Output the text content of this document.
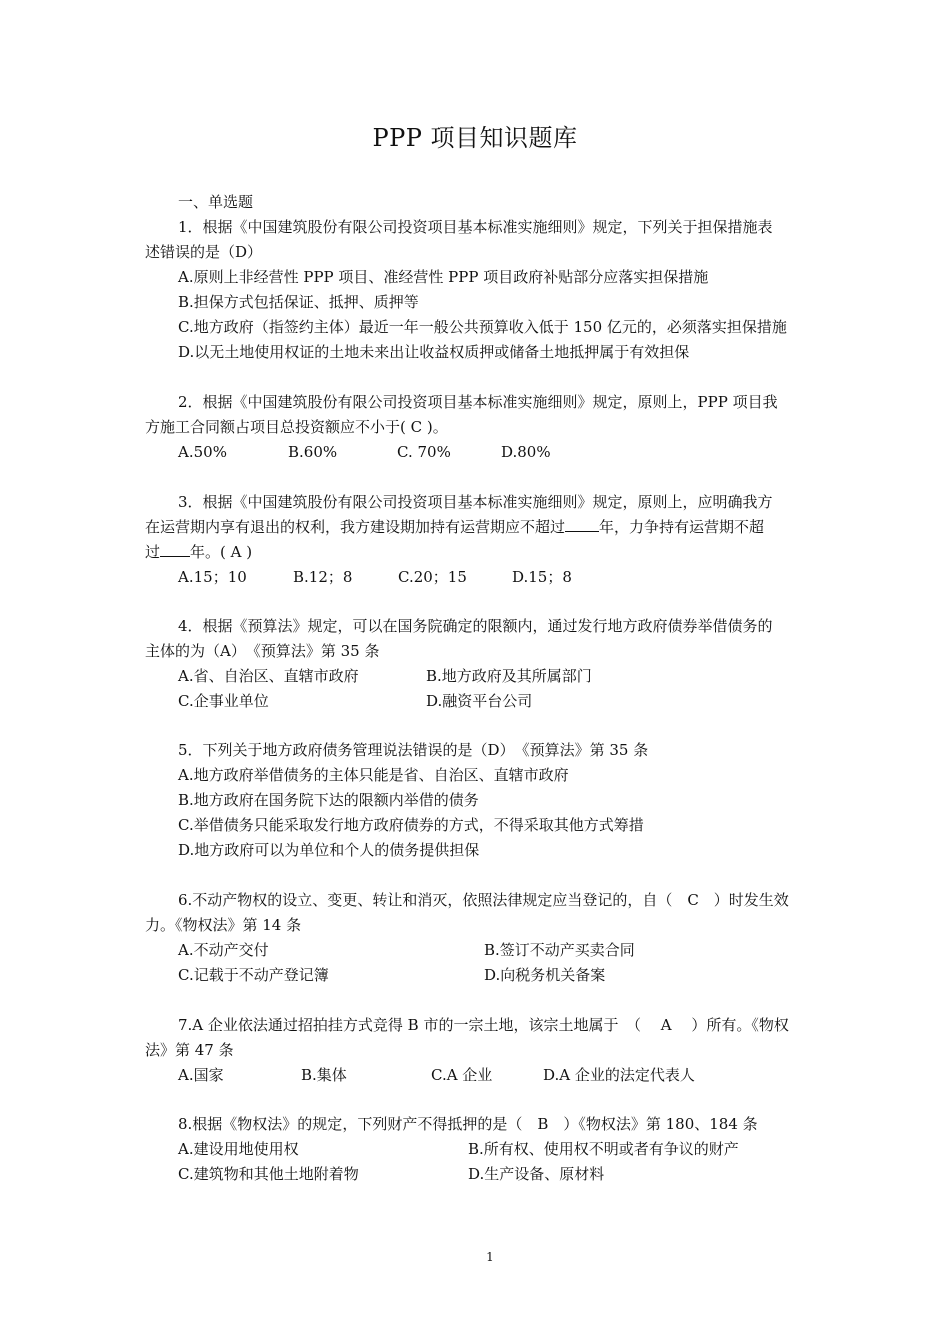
PPP 项目知识题库
一、单选题
1．根据《中国建筑股份有限公司投资项目基本标准实施细则》规定，下列关于担保措施表
述错误的是（D）
A.原则上非经营性 PPP 项目、准经营性 PPP 项目政府补贴部分应落实担保措施
B.担保方式包括保证、抵押、质押等
C.地方政府（指签约主体）最近一年一般公共预算收入低于 150 亿元的，必须落实担保措施
D.以无土地使用权证的土地未来出让收益权质押或储备土地抵押属于有效担保
2．根据《中国建筑股份有限公司投资项目基本标准实施细则》规定，原则上，PPP 项目我
方施工合同额占项目总投资额应不小于( C )。
A.50%	B.60%	C. 70%	D.80%
3．根据《中国建筑股份有限公司投资项目基本标准实施细则》规定，原则上，应明确我方
在运营期内享有退出的权利，我方建设期加持有运营期应不超过 年，力争持有运营期不超
过 年。( A )
A.15；10	B.12；8	C.20；15	D.15；8
4．根据《预算法》规定，可以在国务院确定的限额内，通过发行地方政府债券举借债务的
主体的为（A）　《预算法》第 35 条
A.省、自治区、直辖市政府	B.地方政府及其所属部门
C.企事业单位	D.融资平台公司
5．下列关于地方政府债务管理说法错误的是（D）　《预算法》第 35 条
A.地方政府举借债务的主体只能是省、自治区、直辖市政府
B.地方政府在国务院下达的限额内举借的债务
C.举借债务只能采取发行地方政府债券的方式，不得采取其他方式筹措
D.地方政府可以为单位和个人的债务提供担保
6.不动产物权的设立、变更、转让和消灭，依照法律规定应当登记的，自（　C　）时发生效
力。《物权法》第 14 条
A.不动产交付	B.签订不动产买卖合同
C.记载于不动产登记簿	D.向税务机关备案
7.A 企业依法通过招拍挂方式竞得 B 市的一宗土地，该宗土地属于　（　 A　 ）所有。《物权
法》第 47 条
A.国家	B.集体	C.A 企业	D.A 企业的法定代表人
8.根据《物权法》的规定，下列财产不得抵押的是（　B　）《物权法》第 180、184 条
A.建设用地使用权	B.所有权、使用权不明或者有争议的财产
C.建筑物和其他土地附着物	D.生产设备、原材料
1
